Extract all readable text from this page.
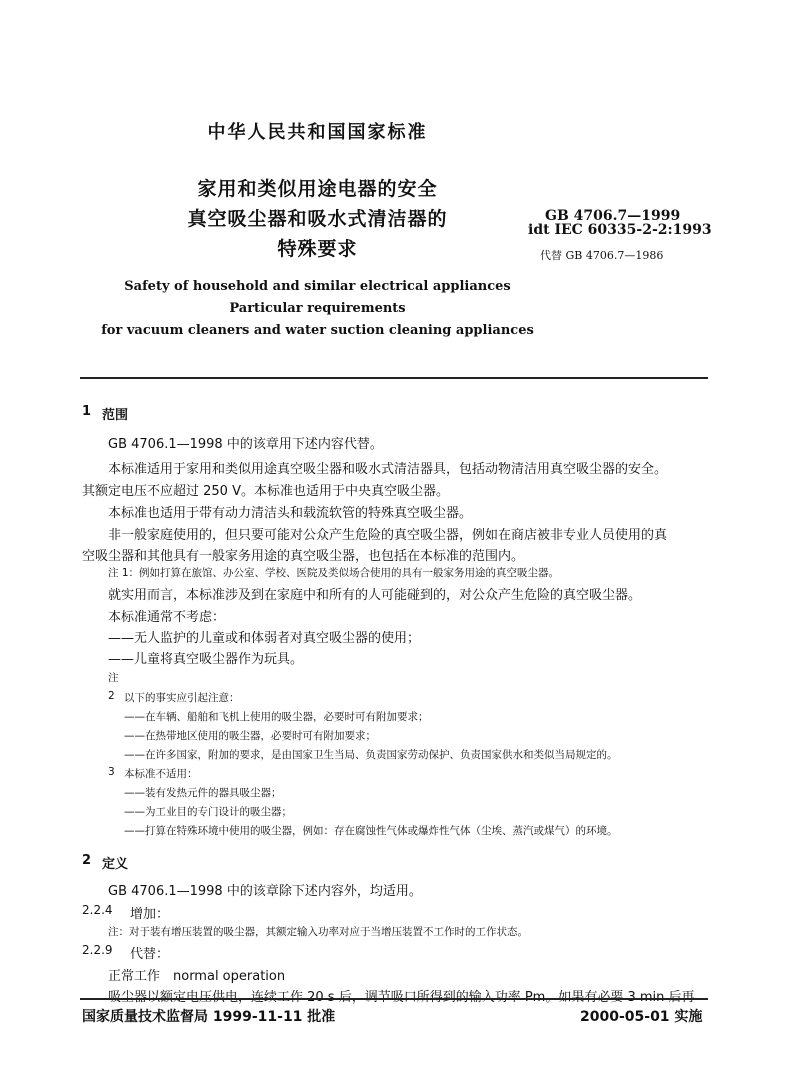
中华人民共和国国家标准
家用和类似用途电器的安全
真空吸尘器和吸水式清洁器的
特殊要求
GB 4706.7—1999
idt IEC 60335-2-2:1993
代替 GB 4706.7—1986
Safety of household and similar electrical appliances
Particular requirements
for vacuum cleaners and water suction cleaning appliances
1 范围
GB 4706.1—1998 中的该章用下述内容代替。
本标准适用于家用和类似用途真空吸尘器和吸水式清洁器具，包括动物清洁用真空吸尘器的安全。
其额定电压不应超过 250 V。本标准也适用于中央真空吸尘器。
本标准也适用于带有动力清洁头和载流软管的特殊真空吸尘器。
非一般家庭使用的，但只要可能对公众产生危险的真空吸尘器，例如在商店被非专业人员使用的真
空吸尘器和其他具有一般家务用途的真空吸尘器，也包括在本标准的范围内。
注 1：例如打算在旅馆、办公室、学校、医院及类似场合使用的具有一般家务用途的真空吸尘器。
就实用而言，本标准涉及到在家庭中和所有的人可能碰到的，对公众产生危险的真空吸尘器。
本标准通常不考虑：
——无人监护的儿童或和体弱者对真空吸尘器的使用；
——儿童将真空吸尘器作为玩具。
注
2 以下的事实应引起注意：
——在车辆、船舶和飞机上使用的吸尘器，必要时可有附加要求；
——在热带地区使用的吸尘器，必要时可有附加要求；
——在许多国家，附加的要求，是由国家卫生当局、负责国家劳动保护、负责国家供水和类似当局规定的。
3 本标准不适用：
——装有发热元件的器具吸尘器；
——为工业目的专门设计的吸尘器；
——打算在特殊环境中使用的吸尘器，例如：存在腐蚀性气体或爆炸性气体（尘埃、蒸汽或煤气）的环境。
2 定义
GB 4706.1—1998 中的该章除下述内容外，均适用。
2.2.4 增加：
注：对于装有增压装置的吸尘器，其额定输入功率对应于当增压装置不工作时的工作状态。
2.2.9 代替：
正常工作　normal operation
国家质量技术监督局 1999-11-11 批准	2000-05-01 实施
